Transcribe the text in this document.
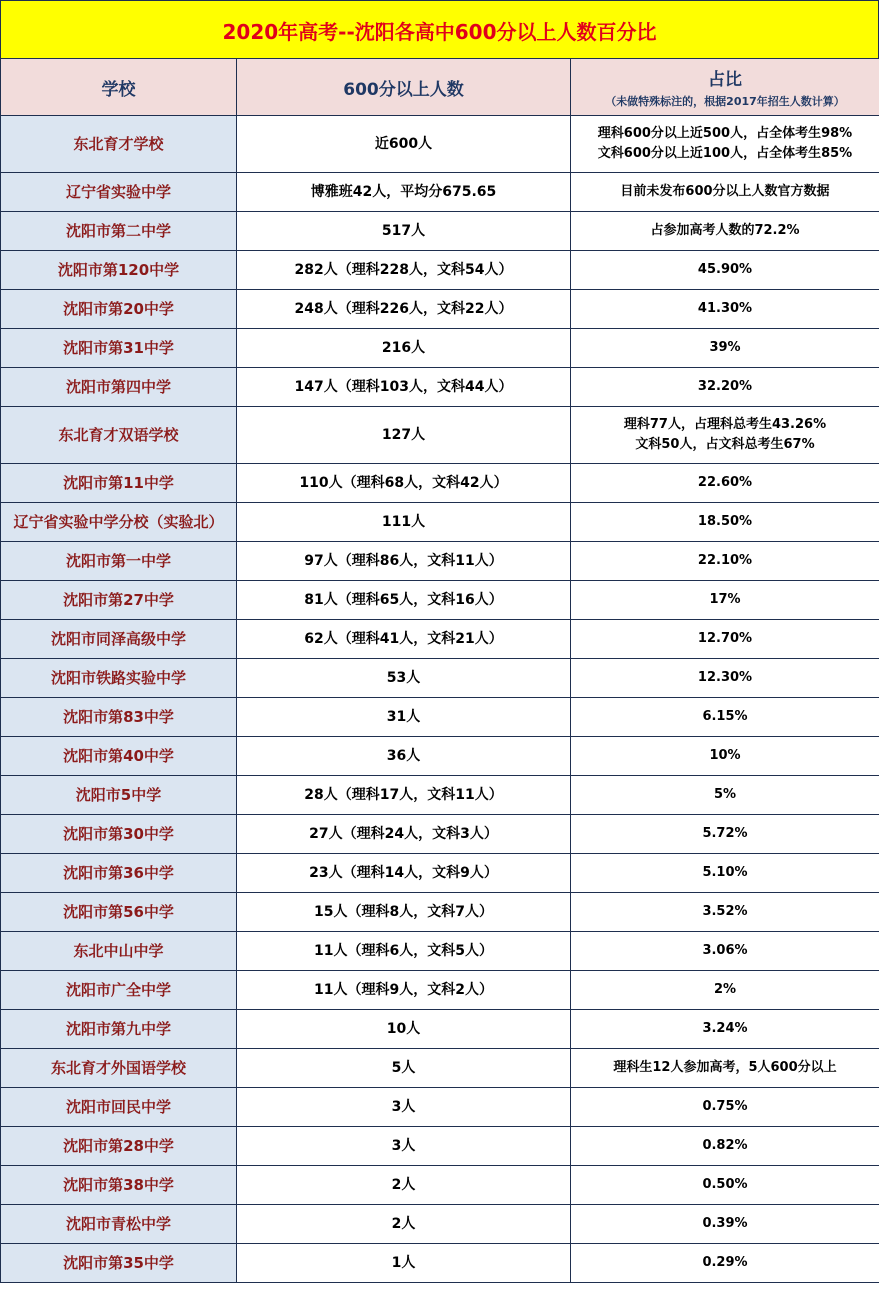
2020年高考--沈阳各高中600分以上人数百分比
学校	600分以上人数	占比
（未做特殊标注的，根据2017年招生人数计算）

东北育才学校	近600人	理科600分以上近500人，占全体考生98%
文科600分以上近100人，占全体考生85%

辽宁省实验中学	博雅班42人，平均分675.65	目前未发布600分以上人数官方数据

沈阳市第二中学	517人	占参加高考人数的72.2%

沈阳市第120中学	282人（理科228人，文科54人）	45.90%

沈阳市第20中学	248人（理科226人，文科22人）	41.30%

沈阳市第31中学	216人	39%

沈阳市第四中学	147人（理科103人，文科44人）	32.20%

东北育才双语学校	127人	理科77人，占理科总考生43.26%
文科50人，占文科总考生67%

沈阳市第11中学	110人（理科68人，文科42人）	22.60%

辽宁省实验中学分校（实验北）	111人	18.50%

沈阳市第一中学	97人（理科86人，文科11人）	22.10%

沈阳市第27中学	81人（理科65人，文科16人）	17%

沈阳市同泽高级中学	62人（理科41人，文科21人）	12.70%

沈阳市铁路实验中学	53人	12.30%

沈阳市第83中学	31人	6.15%

沈阳市第40中学	36人	10%

沈阳市5中学	28人（理科17人，文科11人）	5%

沈阳市第30中学	27人（理科24人，文科3人）	5.72%

沈阳市第36中学	23人（理科14人，文科9人）	5.10%

沈阳市第56中学	15人（理科8人，文科7人）	3.52%

东北中山中学	11人（理科6人，文科5人）	3.06%

沈阳市广全中学	11人（理科9人，文科2人）	2%

沈阳市第九中学	10人	3.24%

东北育才外国语学校	5人	理科生12人参加高考，5人600分以上

沈阳市回民中学	3人	0.75%

沈阳市第28中学	3人	0.82%

沈阳市第38中学	2人	0.50%

沈阳市青松中学	2人	0.39%

沈阳市第35中学	1人	0.29%
